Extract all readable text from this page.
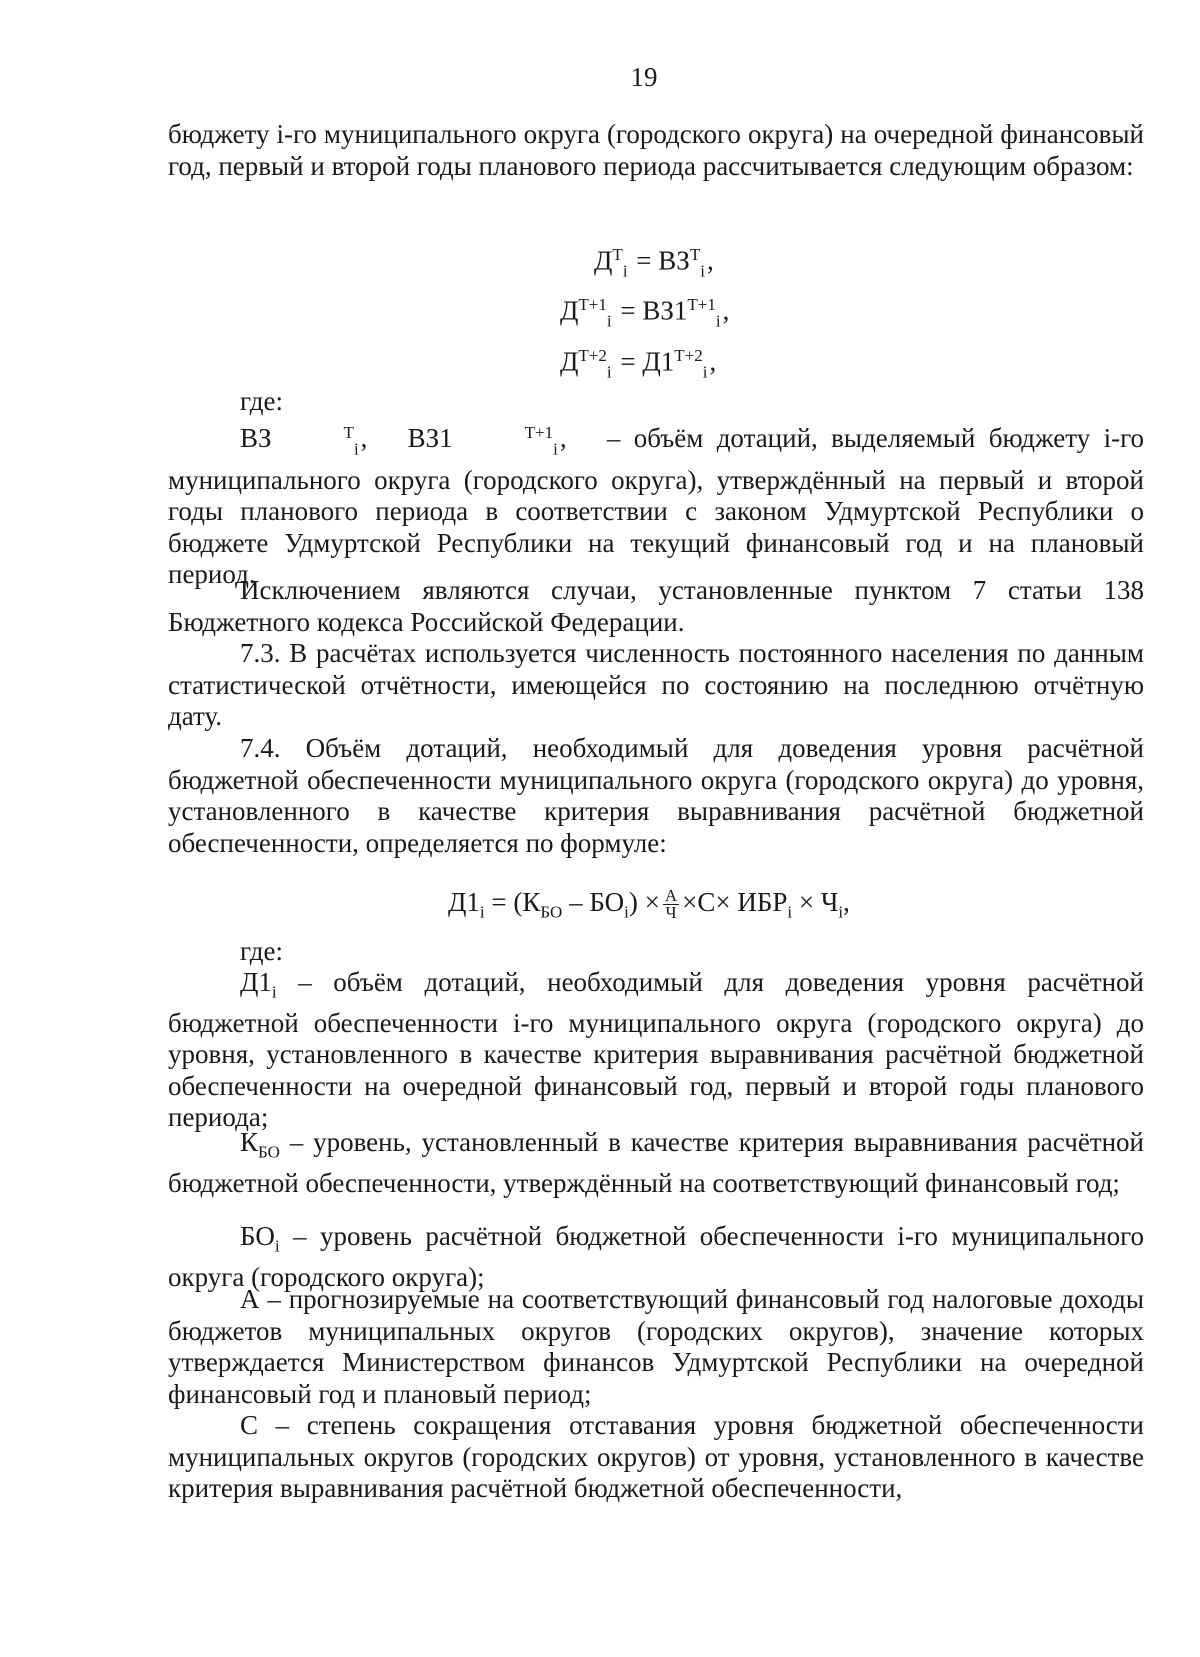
19
бюджету i-го муниципального округа (городского округа) на очередной финансовый год, первый и второй годы планового периода рассчитывается следующим образом:
$Д^T_i = ВЗ^T_i$,
$Д^{T+1}_i = ВЗ1^{T+1}_i$,
$Д^{T+2}_i = Д1^{T+2}_i$,
где:
ВЗ	$^T_i$, ВЗ1	$^{T+1}_i$, – объём дотаций, выделяемый бюджету i-го муниципального округа (городского округа), утверждённый на первый и второй годы планового периода в соответствии с законом Удмуртской Республики о бюджете Удмуртской Республики на текущий финансовый год и на плановый период.
Исключением являются случаи, установленные пунктом 7 статьи 138 Бюджетного кодекса Российской Федерации.
7.3. В расчётах используется численность постоянного населения по данным статистической отчётности, имеющейся по состоянию на последнюю отчётную дату.
7.4. Объём дотаций, необходимый для доведения уровня расчётной бюджетной обеспеченности муниципального округа (городского округа) до уровня, установленного в качестве критерия выравнивания расчётной бюджетной обеспеченности, определяется по формуле:
$Д1_i = (К_{БО} - БО_i) \times \frac{А}{Ч} \times С\times ИБР_i \times Ч_i$,
где:
$Д1_i$ – объём дотаций, необходимый для доведения уровня расчётной бюджетной обеспеченности i-го муниципального округа (городского округа) до уровня, установленного в качестве критерия выравнивания расчётной бюджетной обеспеченности на очередной финансовый год, первый и второй годы планового периода;
$К_{БО}$ – уровень, установленный в качестве критерия выравнивания расчётной бюджетной обеспеченности, утверждённый на соответствующий финансовый год;
$БО_i$ – уровень расчётной бюджетной обеспеченности i-го муниципального округа (городского округа);
А – прогнозируемые на соответствующий финансовый год налоговые доходы бюджетов муниципальных округов (городских округов), значение которых утверждается Министерством финансов Удмуртской Республики на очередной финансовый год и плановый период;
С – степень сокращения отставания уровня бюджетной обеспеченности муниципальных округов (городских округов) от уровня, установленного в качестве критерия выравнивания расчётной бюджетной обеспеченности,
